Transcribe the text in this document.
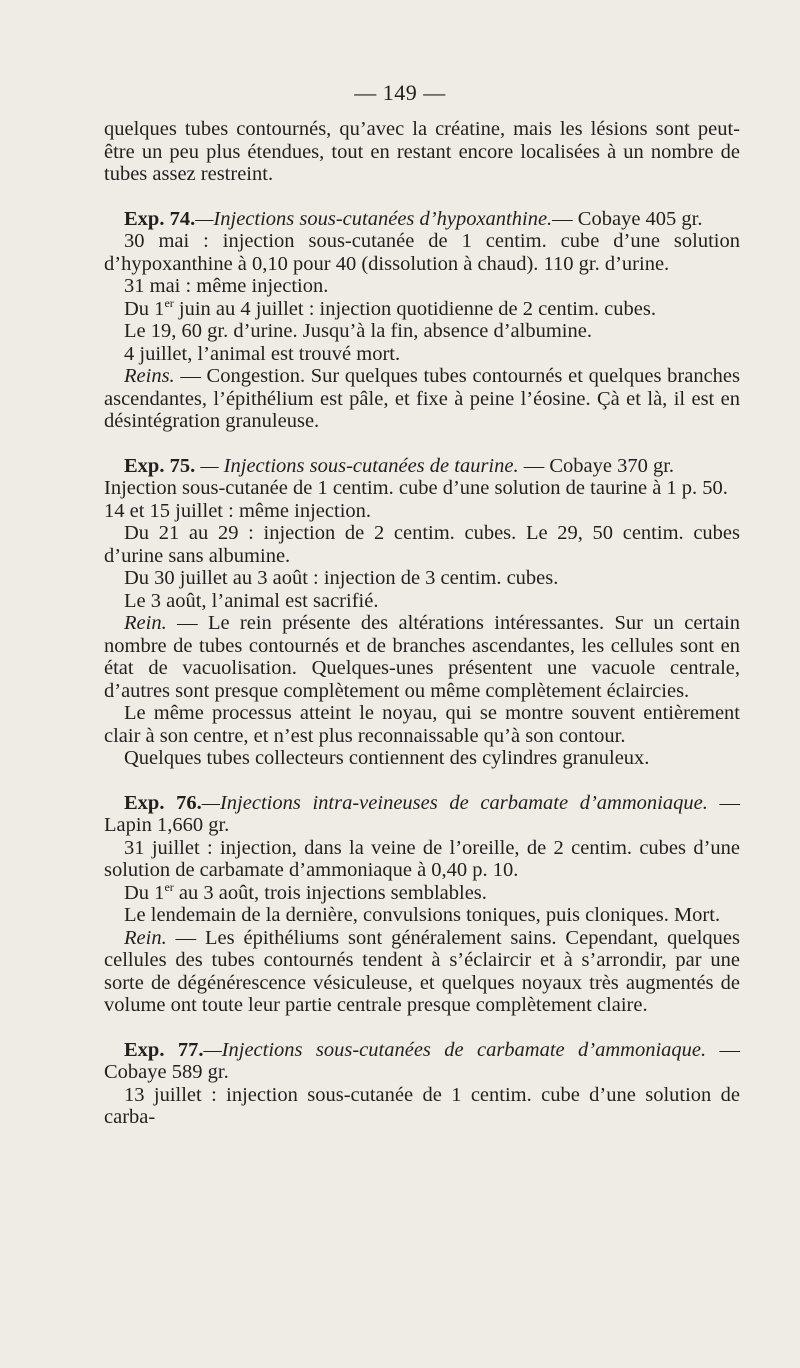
— 149 —

quelques tubes contournés, qu’avec la créatine, mais les lésions sont peut-être un peu plus étendues, tout en restant encore localisées à un nombre de tubes assez restreint.

Exp. 74.—Injections sous-cutanées d’hypoxanthine.— Cobaye 405 gr.

30 mai : injection sous-cutanée de 1 centim. cube d’une solution d’hypoxanthine à 0,10 pour 40 (dissolution à chaud). 110 gr. d’urine.

31 mai : même injection.

Du 1er juin au 4 juillet : injection quotidienne de 2 centim. cubes.

Le 19, 60 gr. d’urine. Jusqu’à la fin, absence d’albumine.

4 juillet, l’animal est trouvé mort.

Reins. — Congestion. Sur quelques tubes contournés et quelques branches ascendantes, l’épithélium est pâle, et fixe à peine l’éosine. Çà et là, il est en désintégration granuleuse.

Exp. 75. — Injections sous-cutanées de taurine. — Cobaye 370 gr.

Injection sous-cutanée de 1 centim. cube d’une solution de taurine à 1 p. 50.

14 et 15 juillet : même injection.

Du 21 au 29 : injection de 2 centim. cubes. Le 29, 50 centim. cubes d’urine sans albumine.

Du 30 juillet au 3 août : injection de 3 centim. cubes.

Le 3 août, l’animal est sacrifié.

Rein. — Le rein présente des altérations intéressantes. Sur un certain nombre de tubes contournés et de branches ascendantes, les cellules sont en état de vacuolisation. Quelques-unes présentent une vacuole centrale, d’autres sont presque complètement ou même complètement éclaircies.

Le même processus atteint le noyau, qui se montre souvent entièrement clair à son centre, et n’est plus reconnaissable qu’à son contour.

Quelques tubes collecteurs contiennent des cylindres granuleux.

Exp. 76.—Injections intra-veineuses de carbamate d’ammoniaque. — Lapin 1,660 gr.

31 juillet : injection, dans la veine de l’oreille, de 2 centim. cubes d’une solution de carbamate d’ammoniaque à 0,40 p. 10.

Du 1er au 3 août, trois injections semblables.

Le lendemain de la dernière, convulsions toniques, puis cloniques. Mort.

Rein. — Les épithéliums sont généralement sains. Cependant, quelques cellules des tubes contournés tendent à s’éclaircir et à s’arrondir, par une sorte de dégénérescence vésiculeuse, et quelques noyaux très augmentés de volume ont toute leur partie centrale presque complètement claire.

Exp. 77.—Injections sous-cutanées de carbamate d’ammoniaque. — Cobaye 589 gr.

13 juillet : injection sous-cutanée de 1 centim. cube d’une solution de carba-
